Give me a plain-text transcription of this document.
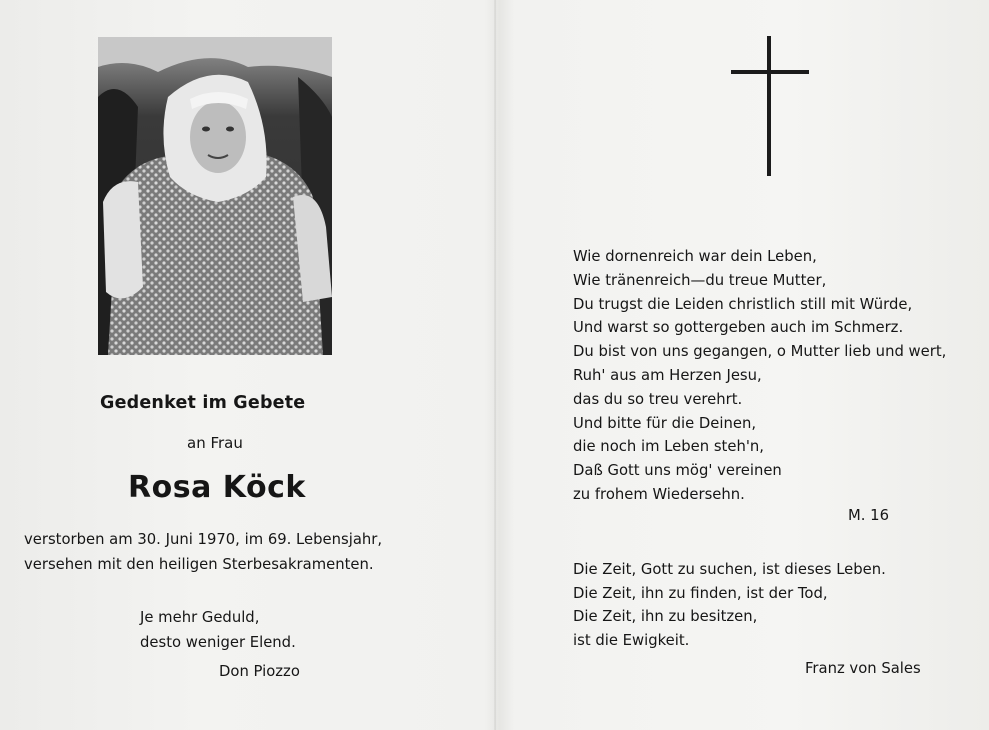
Gedenket im Gebete
an Frau
Rosa Köck
verstorben am 30. Juni 1970, im 69. Lebensjahr,
versehen mit den heiligen Sterbesakramenten.
Je mehr Geduld,
desto weniger Elend.
Don Piozzo
Wie dornenreich war dein Leben,
Wie tränenreich—du treue Mutter,
Du trugst die Leiden christlich still mit Würde,
Und warst so gottergeben auch im Schmerz.
Du bist von uns gegangen, o Mutter lieb und wert,
Ruh' aus am Herzen Jesu,
das du so treu verehrt.
Und bitte für die Deinen,
die noch im Leben steh'n,
Daß Gott uns mög' vereinen
zu frohem Wiedersehn.
M. 16
Die Zeit, Gott zu suchen, ist dieses Leben.
Die Zeit, ihn zu finden, ist der Tod,
Die Zeit, ihn zu besitzen,
ist die Ewigkeit.
Franz von Sales
